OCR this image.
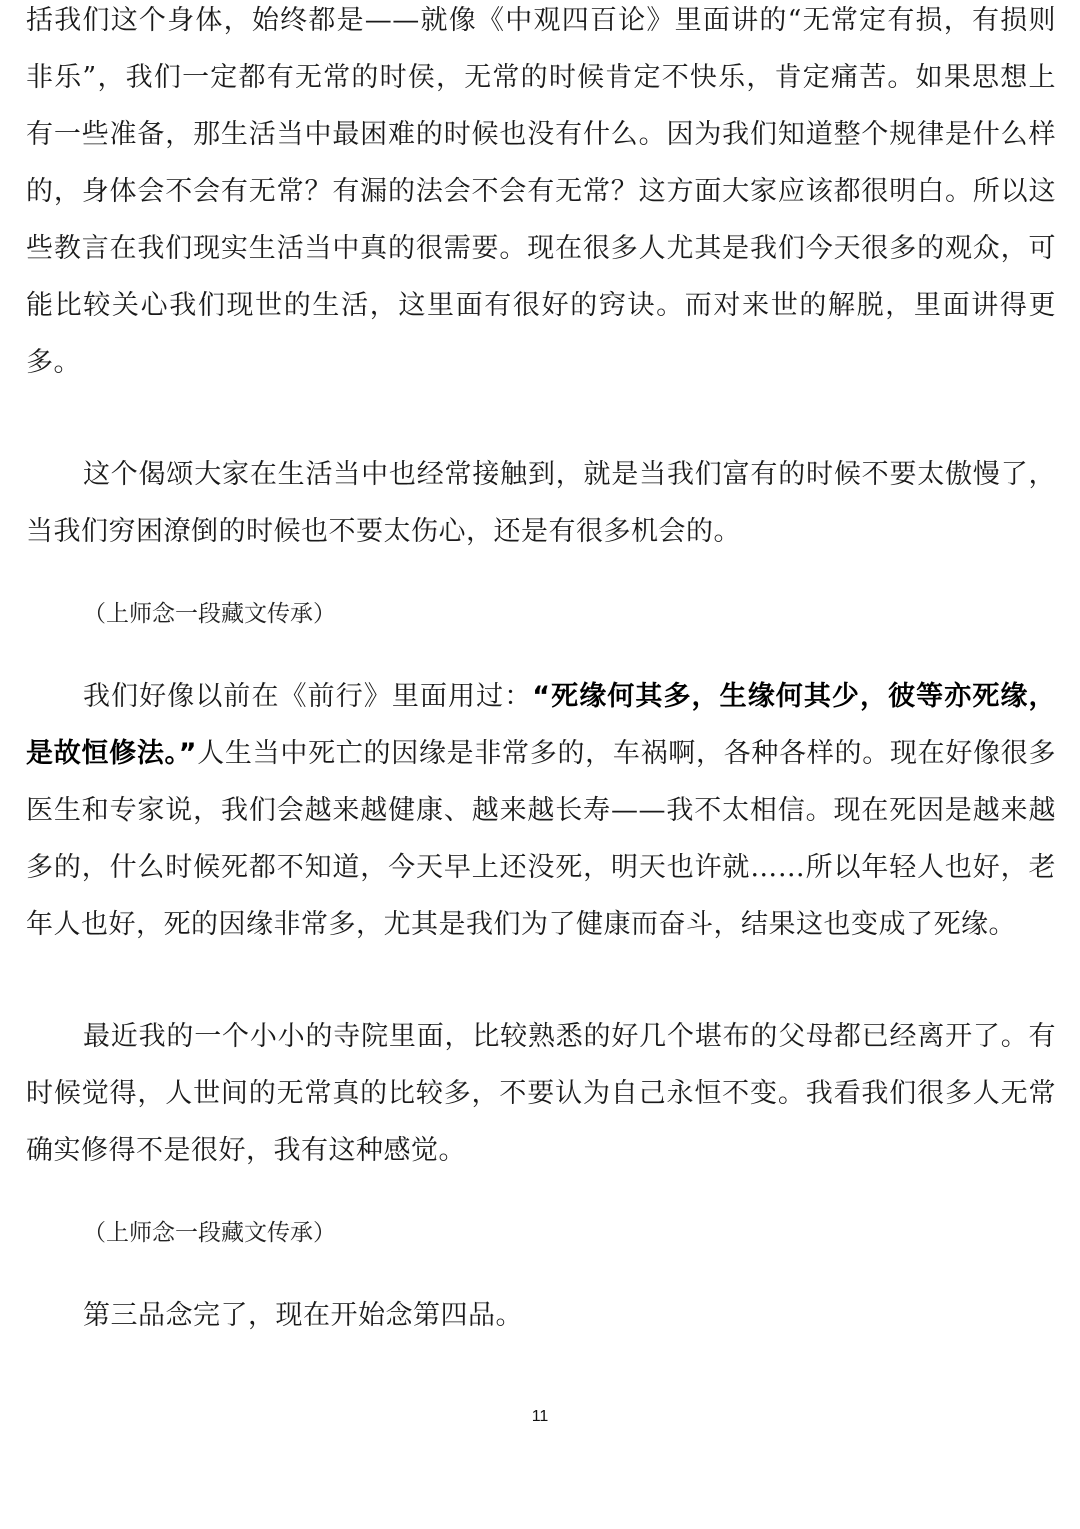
括我们这个身体，始终都是——就像《中观四百论》里面讲的“无常定有损，有损则非乐”，我们一定都有无常的时侯，无常的时候肯定不快乐，肯定痛苦。如果思想上有一些准备，那生活当中最困难的时候也没有什么。因为我们知道整个规律是什么样的，身体会不会有无常？有漏的法会不会有无常？这方面大家应该都很明白。所以这些教言在我们现实生活当中真的很需要。现在很多人尤其是我们今天很多的观众，可能比较关心我们现世的生活，这里面有很好的窍诀。而对来世的解脱，里面讲得更多。

这个偈颂大家在生活当中也经常接触到，就是当我们富有的时候不要太傲慢了，当我们穷困潦倒的时候也不要太伤心，还是有很多机会的。

（上师念一段藏文传承）

我们好像以前在《前行》里面用过：“死缘何其多，生缘何其少，彼等亦死缘，是故恒修法。”人生当中死亡的因缘是非常多的，车祸啊，各种各样的。现在好像很多医生和专家说，我们会越来越健康、越来越长寿——我不太相信。现在死因是越来越多的，什么时候死都不知道，今天早上还没死，明天也许就……所以年轻人也好，老年人也好，死的因缘非常多，尤其是我们为了健康而奋斗，结果这也变成了死缘。

最近我的一个小小的寺院里面，比较熟悉的好几个堪布的父母都已经离开了。有时候觉得，人世间的无常真的比较多，不要认为自己永恒不变。我看我们很多人无常确实修得不是很好，我有这种感觉。

（上师念一段藏文传承）

第三品念完了，现在开始念第四品。

11
